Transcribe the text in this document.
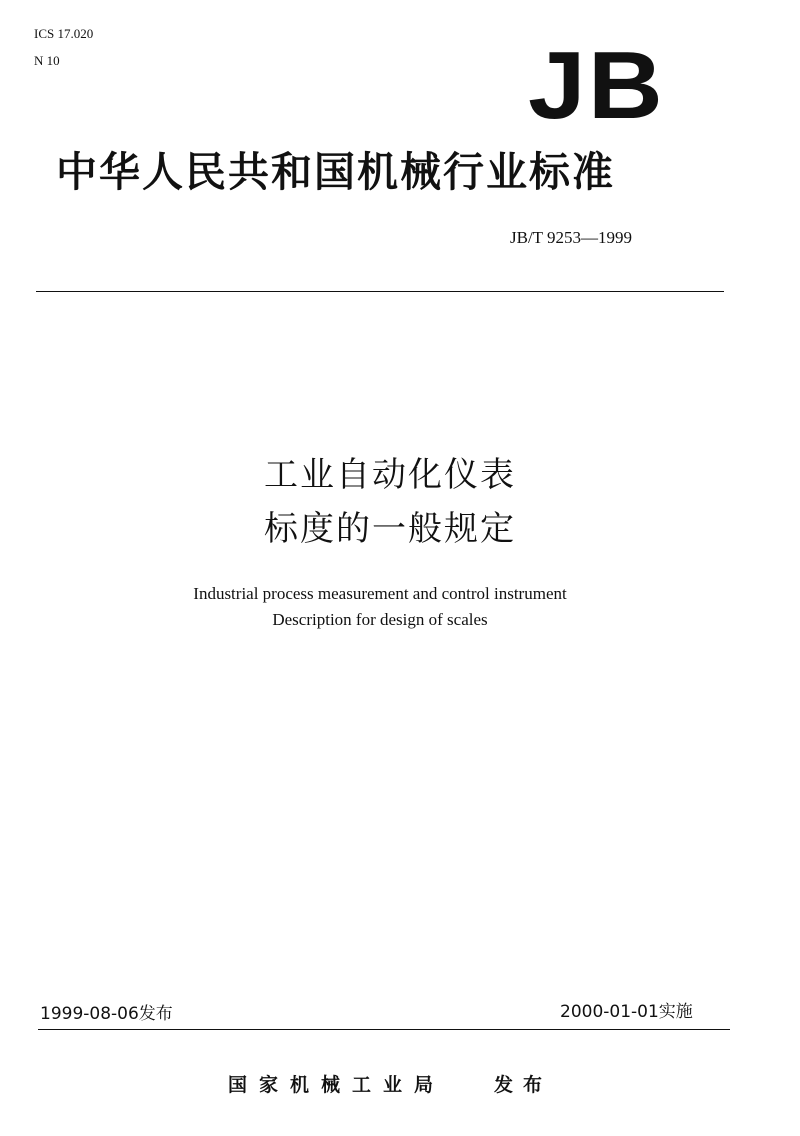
ICS 17.020
N 10	JB
中华人民共和国机械行业标准
JB/T 9253—1999
工业自动化仪表
标度的一般规定
Industrial process measurement and control instrument
Description for design of scales
1999-08-06发布	2000-01-01实施
国家机械工业局	发布
